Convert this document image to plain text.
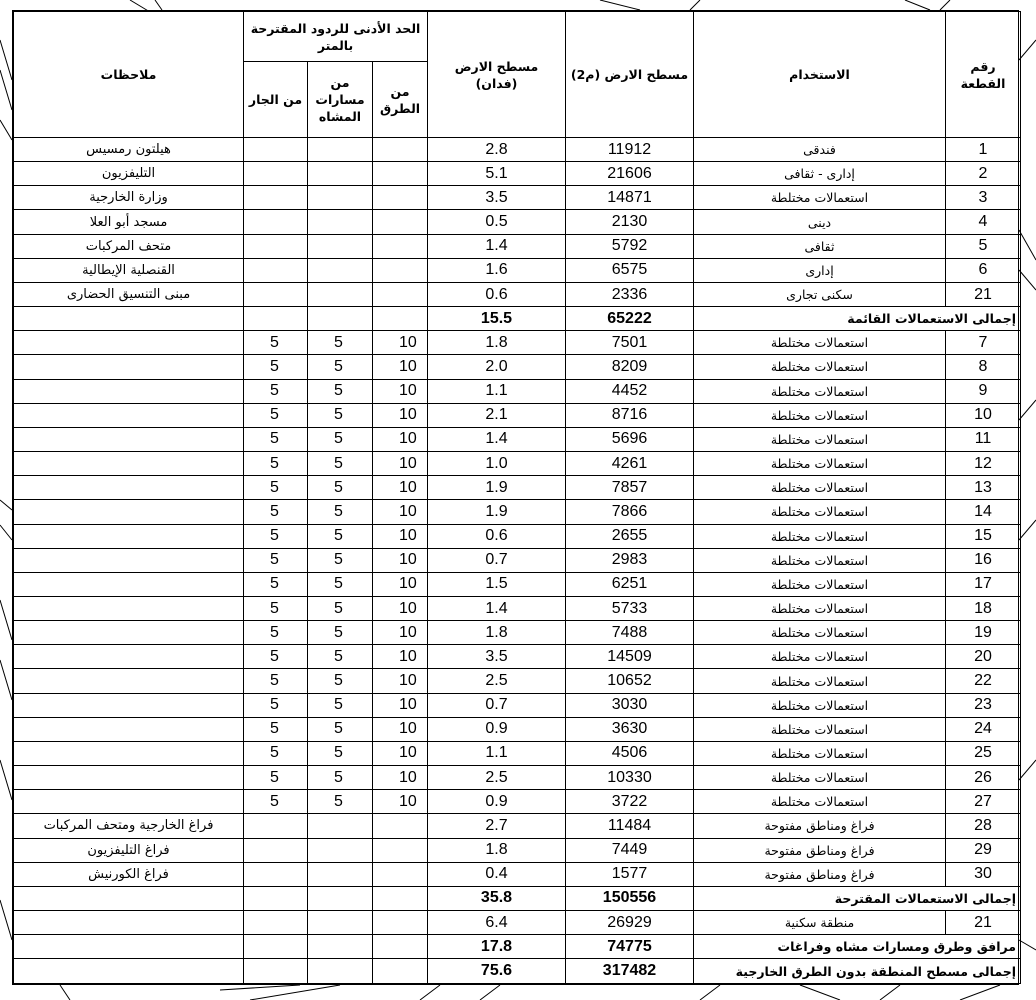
رقم القطعة	الاستخدام	مسطح الارض (م2)	مسطح الارض (فدان)	الحد الأدنى للردود المقترحة بالمتر			ملاحظات
				من الطرق	من مسارات المشاه	من الجار	
1	فندقى	11912	2.8				هيلتون رمسيس
2	إدارى - ثقافى	21606	5.1				التليفزيون
3	استعمالات مختلطة	14871	3.5				وزارة الخارجية
4	دينى	2130	0.5				مسجد أبو العلا
5	ثقافى	5792	1.4				متحف المركبات
6	إدارى	6575	1.6				القنصلية الإيطالية
21	سكنى تجارى	2336	0.6				مبنى التنسيق الحضارى
إجمالى الاستعمالات القائمة		65222	15.5				
7	استعمالات مختلطة	7501	1.8	10	5	5	
8	استعمالات مختلطة	8209	2.0	10	5	5	
9	استعمالات مختلطة	4452	1.1	10	5	5	
10	استعمالات مختلطة	8716	2.1	10	5	5	
11	استعمالات مختلطة	5696	1.4	10	5	5	
12	استعمالات مختلطة	4261	1.0	10	5	5	
13	استعمالات مختلطة	7857	1.9	10	5	5	
14	استعمالات مختلطة	7866	1.9	10	5	5	
15	استعمالات مختلطة	2655	0.6	10	5	5	
16	استعمالات مختلطة	2983	0.7	10	5	5	
17	استعمالات مختلطة	6251	1.5	10	5	5	
18	استعمالات مختلطة	5733	1.4	10	5	5	
19	استعمالات مختلطة	7488	1.8	10	5	5	
20	استعمالات مختلطة	14509	3.5	10	5	5	
22	استعمالات مختلطة	10652	2.5	10	5	5	
23	استعمالات مختلطة	3030	0.7	10	5	5	
24	استعمالات مختلطة	3630	0.9	10	5	5	
25	استعمالات مختلطة	4506	1.1	10	5	5	
26	استعمالات مختلطة	10330	2.5	10	5	5	
27	استعمالات مختلطة	3722	0.9	10	5	5	
28	فراغ ومناطق مفتوحة	11484	2.7				فراغ الخارجية ومتحف المركبات
29	فراغ ومناطق مفتوحة	7449	1.8				فراغ التليفزيون
30	فراغ ومناطق مفتوحة	1577	0.4				فراغ الكورنيش
إجمالى الاستعمالات المقترحة		150556	35.8				
21	منطقة سكنية	26929	6.4				
مرافق وطرق ومسارات مشاه وفراغات		74775	17.8				
إجمالى مسطح المنطقة بدون الطرق الخارجية		317482	75.6				
